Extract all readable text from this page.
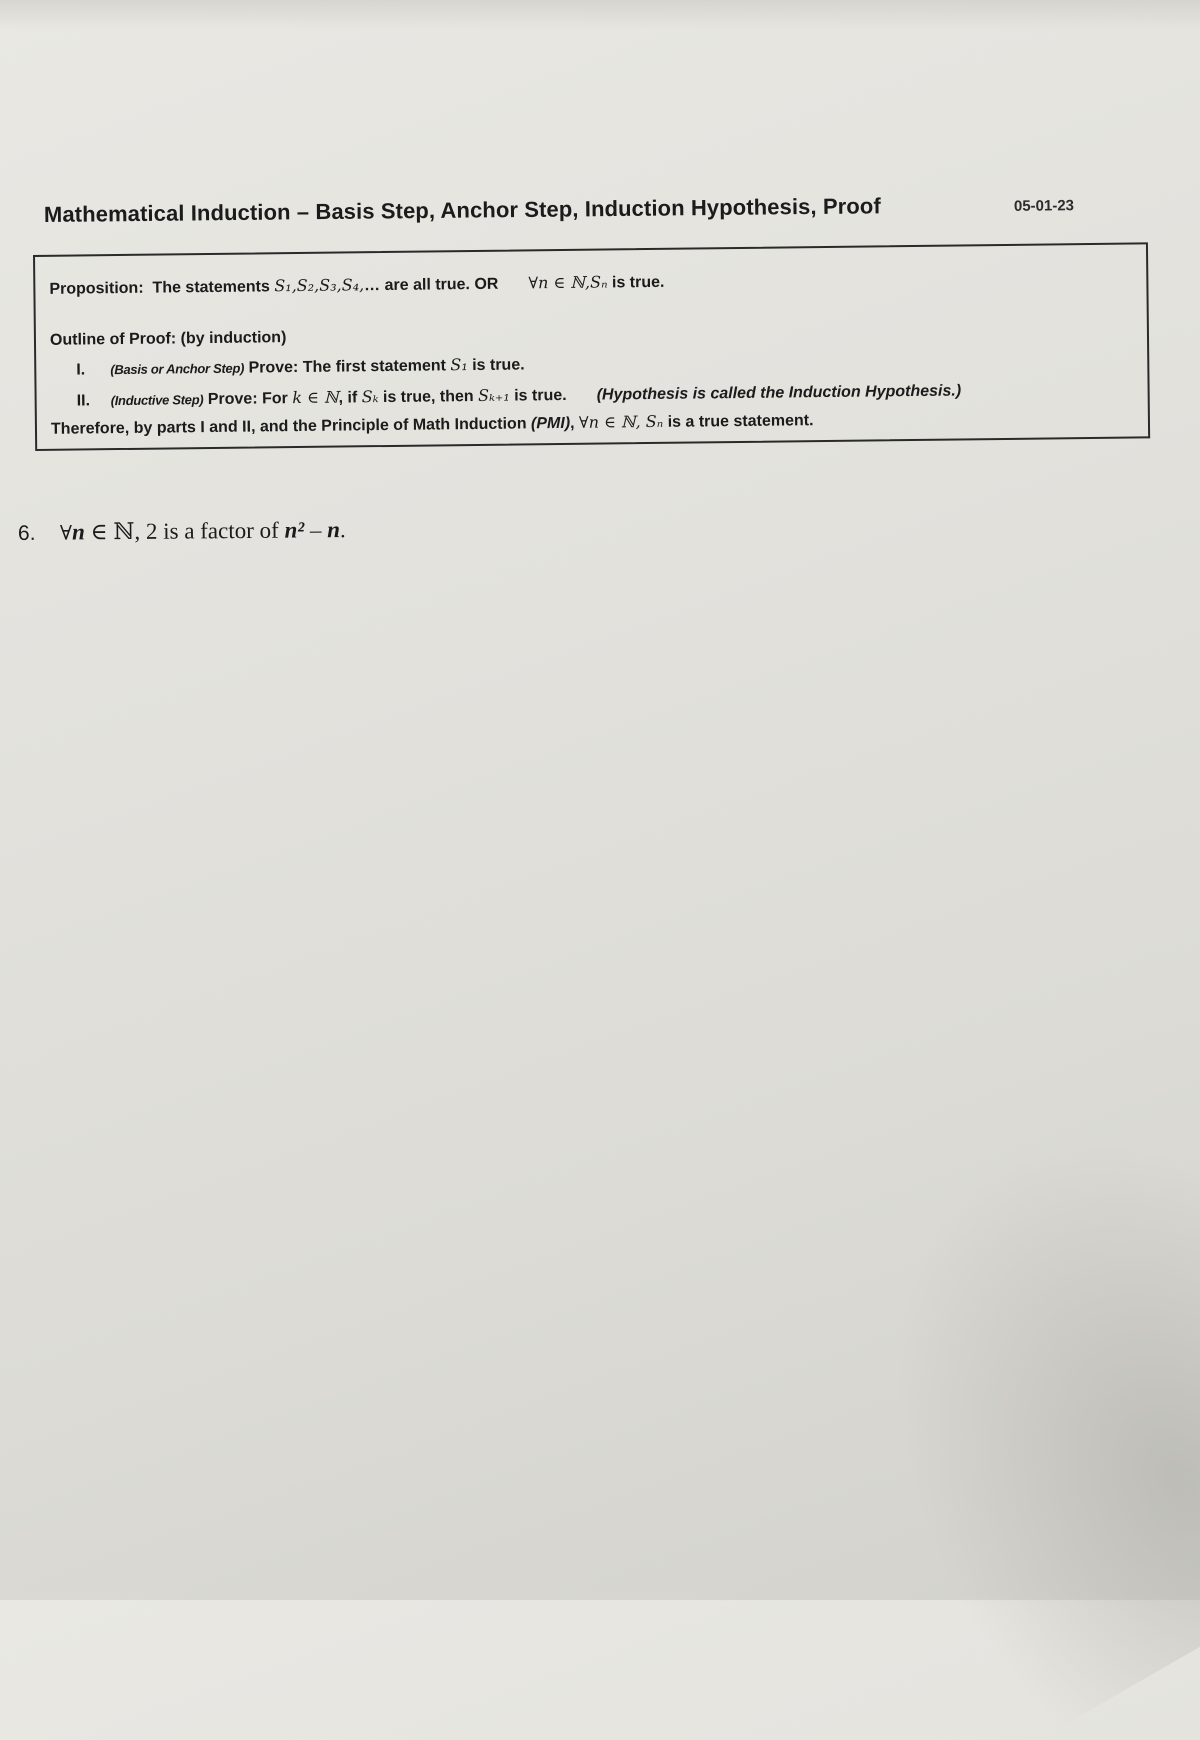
Mathematical Induction – Basis Step, Anchor Step, Induction Hypothesis, Proof	05-01-23
Proposition: The statements S₁,S₂,S₃,S₄,… are all true. OR ∀n ∈ ℕ,Sₙ is true.
Outline of Proof: (by induction)
I. (Basis or Anchor Step) Prove: The first statement S₁ is true.
II. (Inductive Step) Prove: For k ∈ ℕ, if Sₖ is true, then Sₖ₊₁ is true. (Hypothesis is called the Induction Hypothesis.)
Therefore, by parts I and II, and the Principle of Math Induction (PMI), ∀n ∈ ℕ, Sₙ is a true statement.
6. ∀n ∈ ℕ, 2 is a factor of n² – n.
